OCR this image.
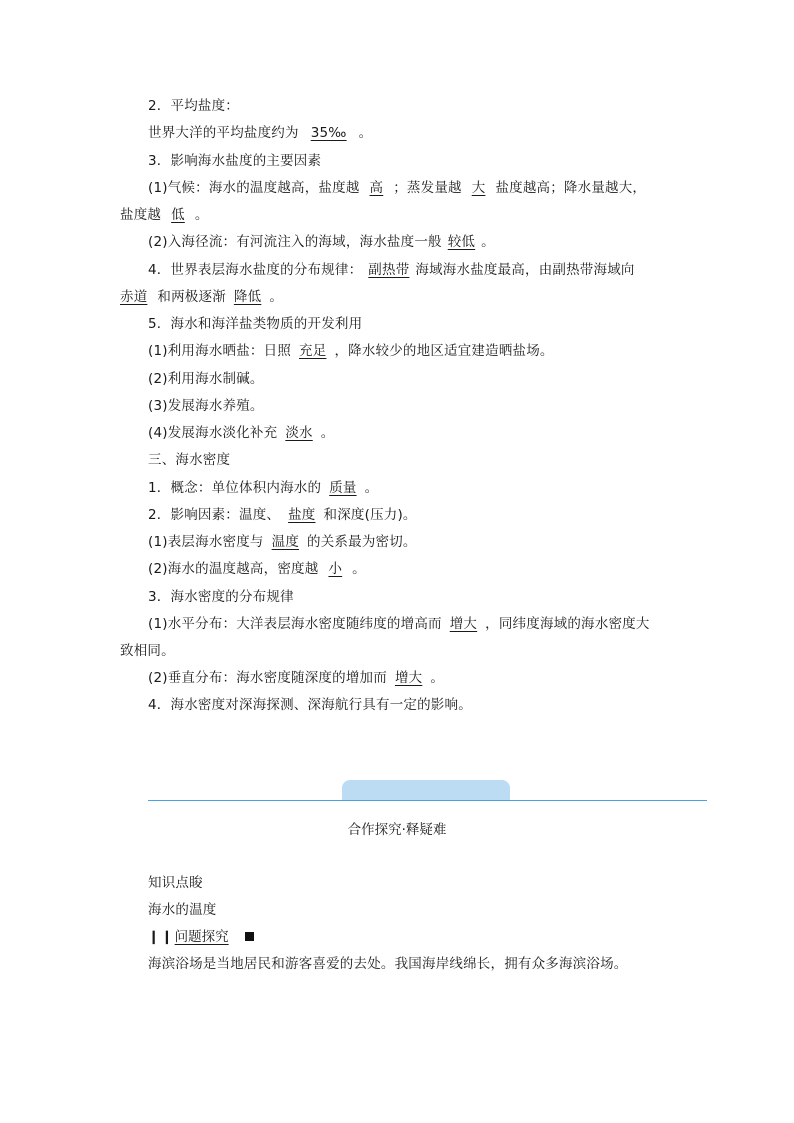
2．平均盐度：
世界大洋的平均盐度约为 35‰ 。
3．影响海水盐度的主要因素
(1)气候：海水的温度越高，盐度越 高 ；蒸发量越 大 盐度越高；降水量越大，
盐度越 低 。
(2)入海径流：有河流注入的海域，海水盐度一般 较低 。
4．世界表层海水盐度的分布规律： 副热带 海域海水盐度最高，由副热带海域向
赤道 和两极逐渐 降低 。
5．海水和海洋盐类物质的开发利用
(1)利用海水晒盐：日照 充足 ，降水较少的地区适宜建造晒盐场。
(2)利用海水制碱。
(3)发展海水养殖。
(4)发展海水淡化补充 淡水 。
三、海水密度
1．概念：单位体积内海水的 质量 。
2．影响因素：温度、 盐度 和深度(压力)。
(1)表层海水密度与 温度 的关系最为密切。
(2)海水的温度越高，密度越 小 。
3．海水密度的分布规律
(1)水平分布：大洋表层海水密度随纬度的增高而 增大 ，同纬度海域的海水密度大
致相同。
(2)垂直分布：海水密度随深度的增加而 增大 。
4．海水密度对深海探测、深海航行具有一定的影响。
合作探究·释疑难
知识点睃
海水的温度
❙❙问题探究
海滨浴场是当地居民和游客喜爱的去处。我国海岸线绵长，拥有众多海滨浴场。
